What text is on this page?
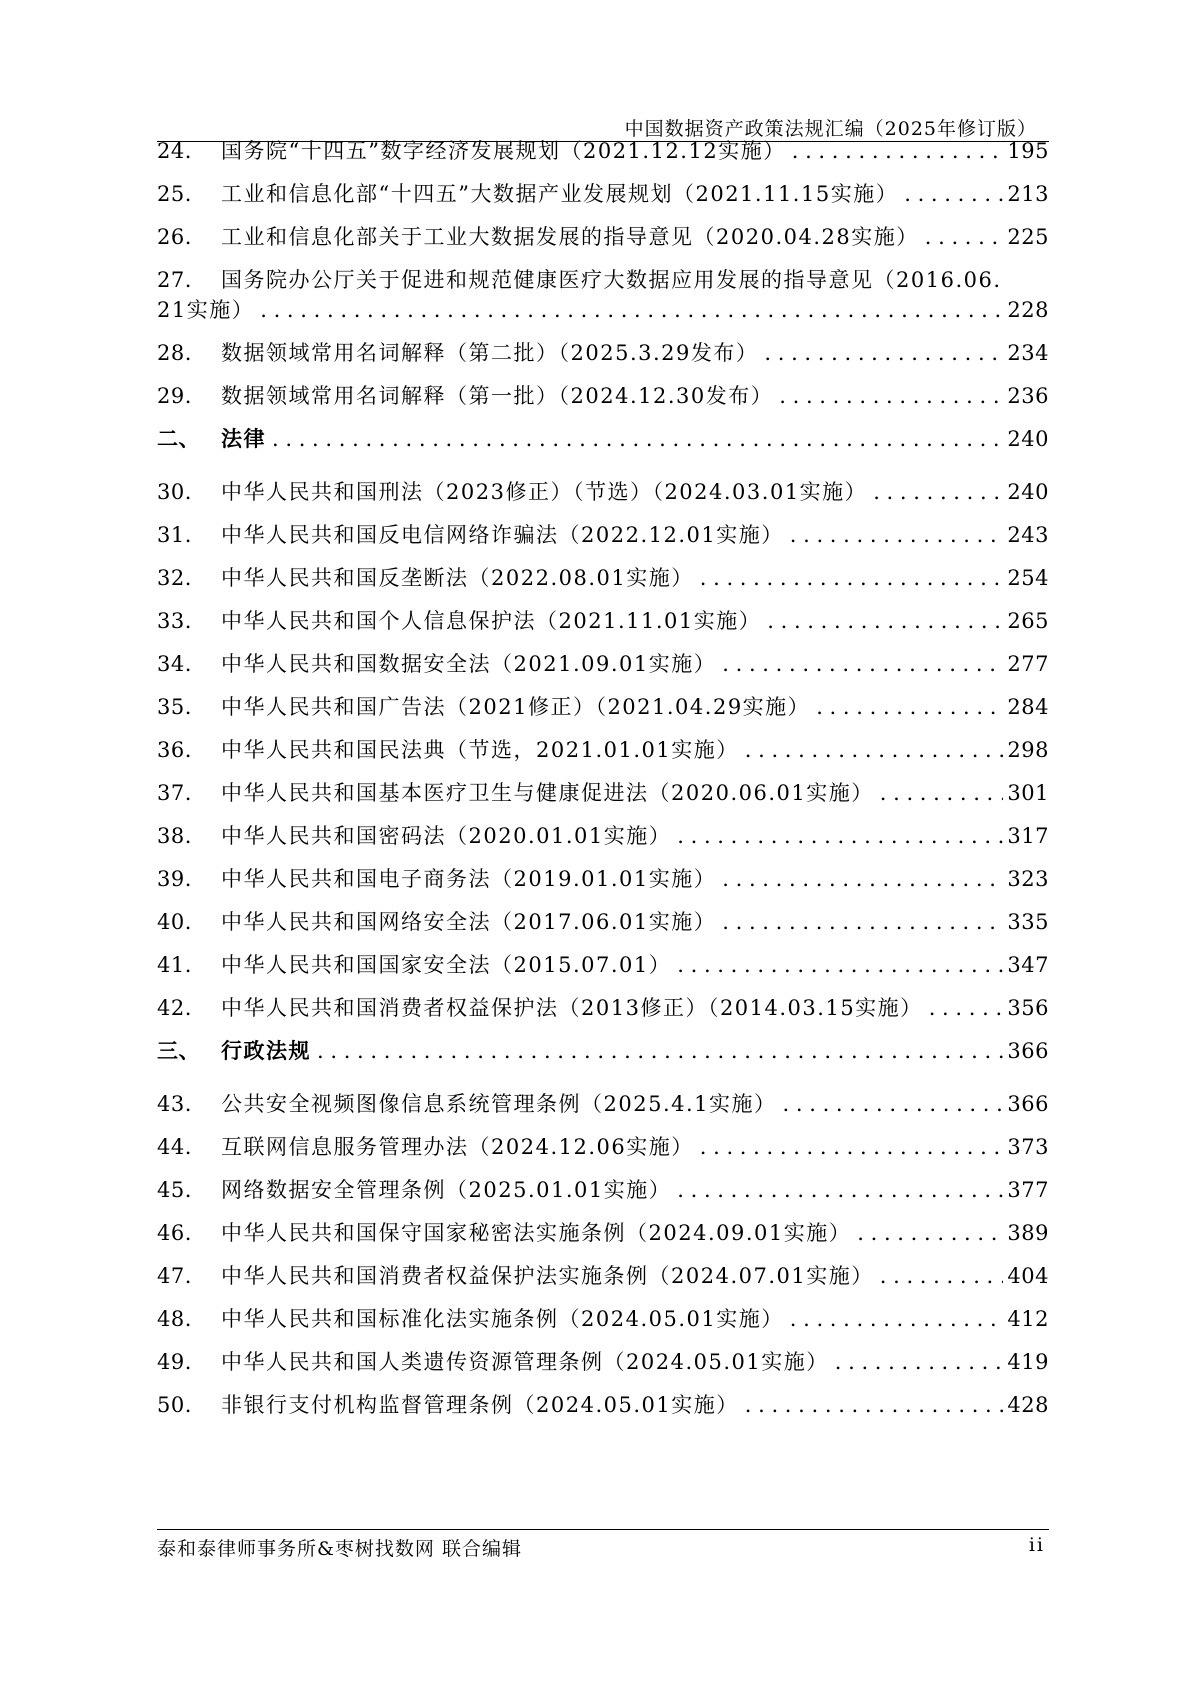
中国数据资产政策法规汇编（2025年修订版）
24.	国务院“十四五”数字经济发展规划（2021.12.12实施） . . .	195
25.	工业和信息化部“十四五”大数据产业发展规划（2021.11.15实施） . . .	213
26.	工业和信息化部关于工业大数据发展的指导意见（2020.04.28实施） . . .	225
27.	国务院办公厅关于促进和规范健康医疗大数据应用发展的指导意见（2016.06.
21实施） . . .	228
28.	数据领域常用名词解释（第二批）（2025.3.29发布） . . .	234
29.	数据领域常用名词解释（第一批）（2024.12.30发布） . . .	236
二、	法律 . . .	240
30.	中华人民共和国刑法（2023修正）（节选）（2024.03.01实施） . . .	240
31.	中华人民共和国反电信网络诈骗法（2022.12.01实施） . . .	243
32.	中华人民共和国反垄断法（2022.08.01实施） . . .	254
33.	中华人民共和国个人信息保护法（2021.11.01实施） . . .	265
34.	中华人民共和国数据安全法（2021.09.01实施） . . .	277
35.	中华人民共和国广告法（2021修正）（2021.04.29实施） . . .	284
36.	中华人民共和国民法典（节选，2021.01.01实施） . . .	298
37.	中华人民共和国基本医疗卫生与健康促进法（2020.06.01实施） . . .	301
38.	中华人民共和国密码法（2020.01.01实施） . . .	317
39.	中华人民共和国电子商务法（2019.01.01实施） . . .	323
40.	中华人民共和国网络安全法（2017.06.01实施） . . .	335
41.	中华人民共和国国家安全法（2015.07.01） . . .	347
42.	中华人民共和国消费者权益保护法（2013修正）（2014.03.15实施） . . .	356
三、	行政法规 . . .	366
43.	公共安全视频图像信息系统管理条例（2025.4.1实施） . . .	366
44.	互联网信息服务管理办法（2024.12.06实施） . . .	373
45.	网络数据安全管理条例（2025.01.01实施） . . .	377
46.	中华人民共和国保守国家秘密法实施条例（2024.09.01实施） . . .	389
47.	中华人民共和国消费者权益保护法实施条例（2024.07.01实施） . . .	404
48.	中华人民共和国标准化法实施条例（2024.05.01实施） . . .	412
49.	中华人民共和国人类遗传资源管理条例（2024.05.01实施） . . .	419
50.	非银行支付机构监督管理条例（2024.05.01实施） . . .	428
泰和泰律师事务所&枣树找数网 联合编辑	ii
